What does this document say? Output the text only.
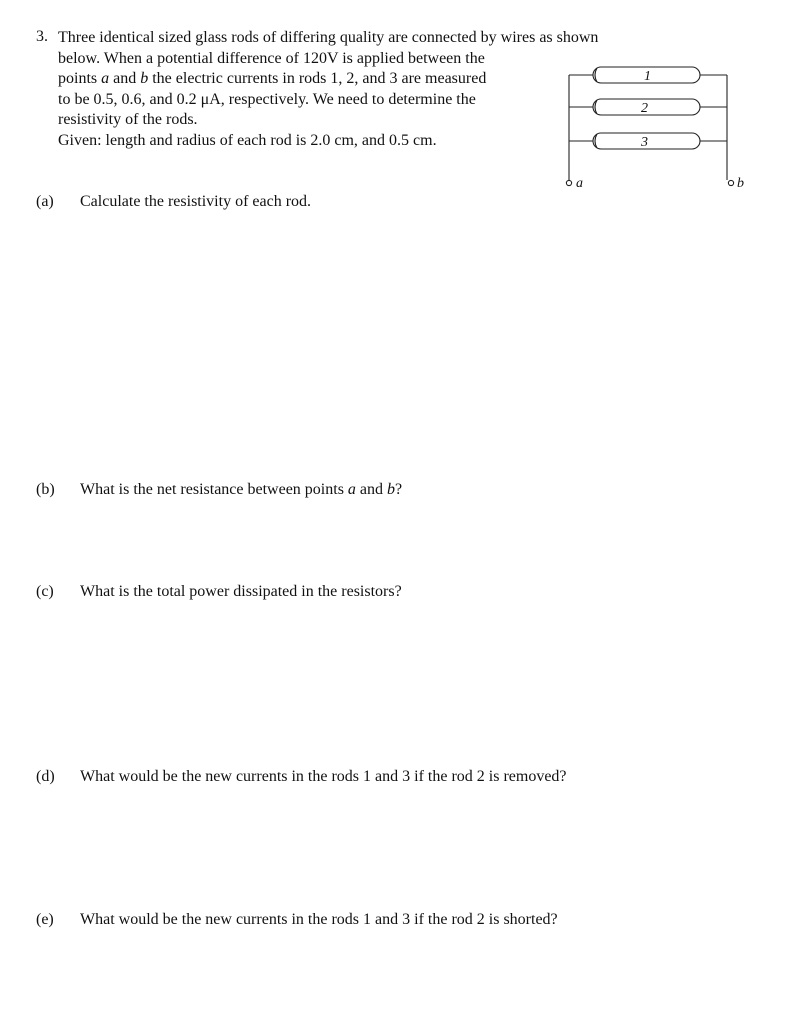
3. Three identical sized glass rods of differing quality are connected by wires as shown
below. When a potential difference of 120V is applied between the
points a and b the electric currents in rods 1, 2, and 3 are measured
to be 0.5, 0.6, and 0.2 μA, respectively. We need to determine the
resistivity of the rods.
Given: length and radius of each rod is 2.0 cm, and 0.5 cm.
1
2
3
a	b
(a) Calculate the resistivity of each rod.
(b) What is the net resistance between points a and b?
(c) What is the total power dissipated in the resistors?
(d) What would be the new currents in the rods 1 and 3 if the rod 2 is removed?
(e) What would be the new currents in the rods 1 and 3 if the rod 2 is shorted?
